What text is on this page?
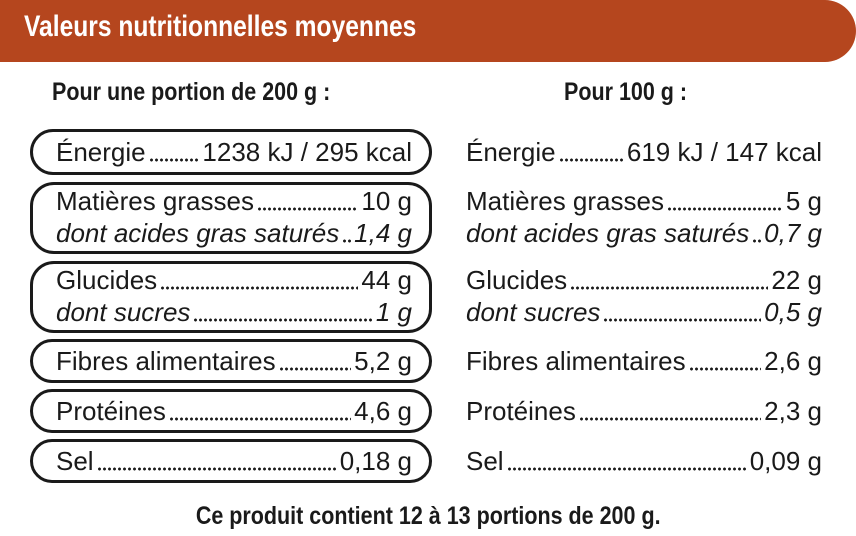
Valeurs nutritionnelles moyennes
Pour une portion de 200 g :	Pour 100 g :
Énergie 1238 kJ / 295 kcal
Matières grasses	10 g
dont acides gras saturés 1,4 g
Glucides	44 g
dont sucres	1 g
Fibres alimentaires	5,2 g
Protéines	4,6 g
Sel	0,18 g
Énergie	619 kJ / 147 kcal
Matières grasses	5 g
dont acides gras saturés 0,7 g
Glucides	22 g
dont sucres	0,5 g
Fibres alimentaires	2,6 g
Protéines	2,3 g
Sel	0,09 g
Ce produit contient 12 à 13 portions de 200 g.
